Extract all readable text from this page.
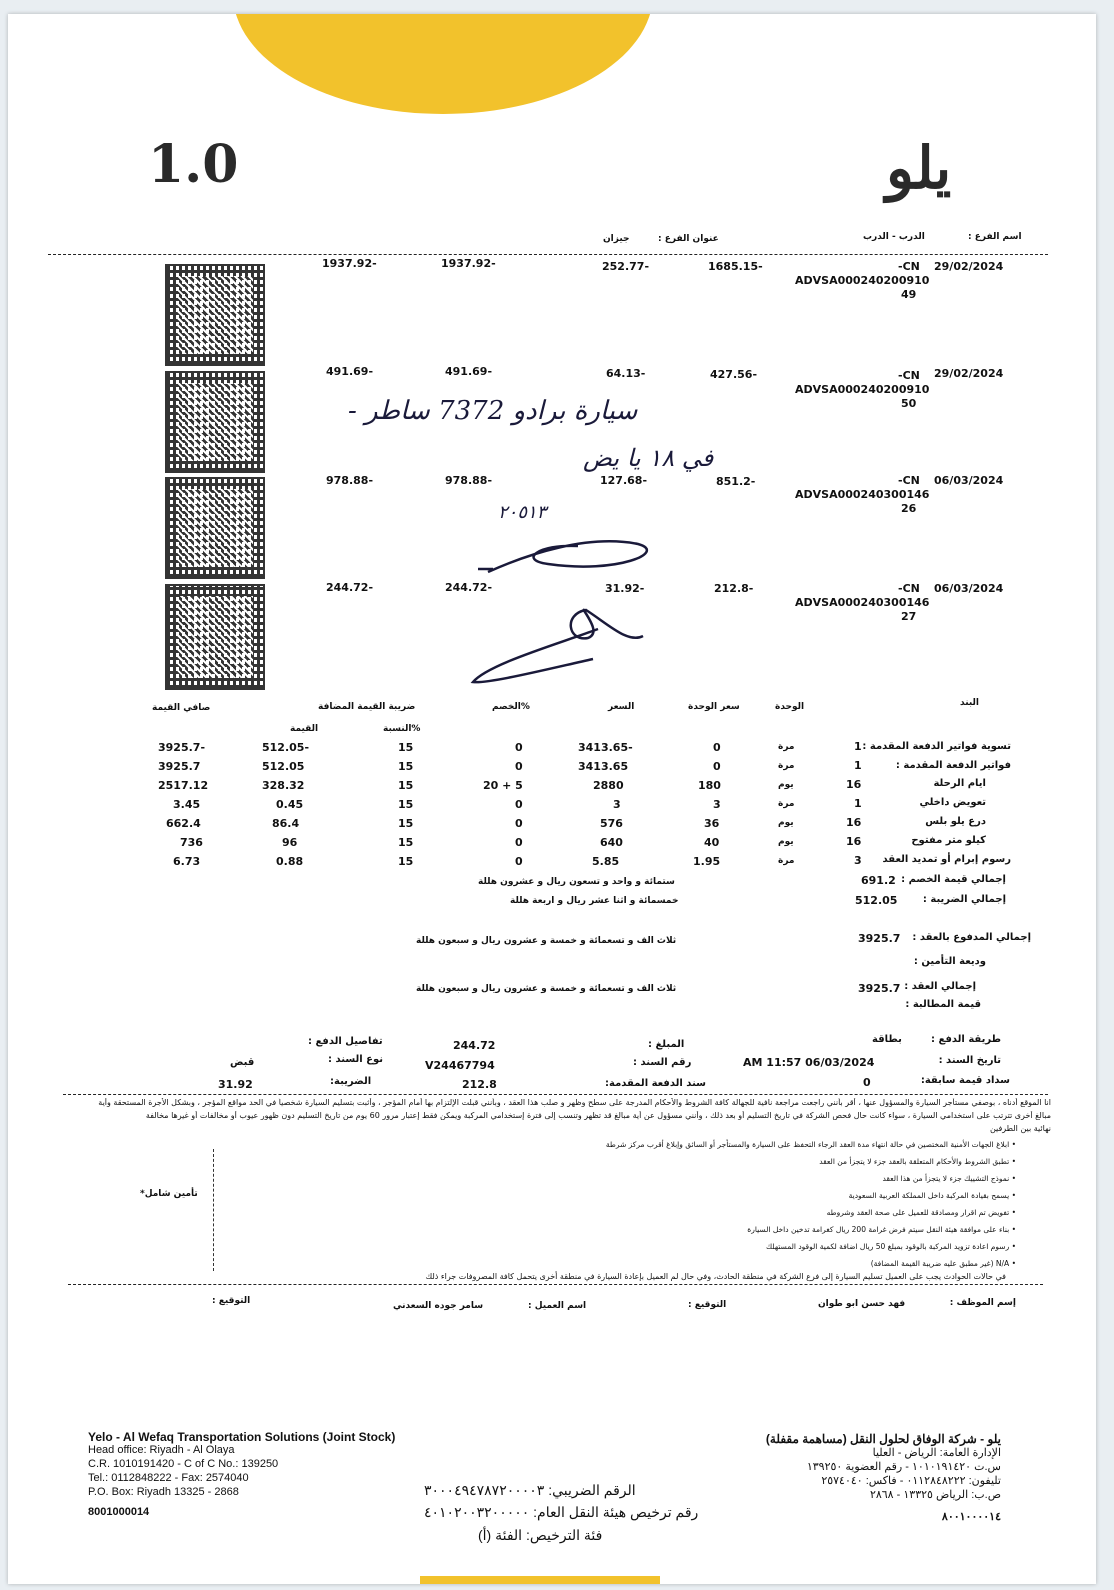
يلو
1.0
اسم الفرع :
الدرب - الدرب
عنوان الفرع :
جيزان
29/02/2024
-CN
ADVSA000240200910
49
1685.15-
252.77-
1937.92-
1937.92-
29/02/2024
-CN
ADVSA000240200910
50
427.56-
64.13-
491.69-
491.69-
06/03/2024
-CN
ADVSA000240300146
26
851.2-
127.68-
978.88-
978.88-
06/03/2024
-CN
ADVSA000240300146
27
212.8-
31.92-
244.72-
244.72-
سيارة برادو 7372 ساطر -
في ١٨ يا يض
٢٠٥١٣
البند
الوحدة
سعر الوحدة
السعر
%الخصم
ضريبة القيمة المضافة
صافي القيمة
%النسبة
القيمة
تسوية فواتير الدفعة المقدمة :
1
مرة
0
3413.65-
0
15
512.05-
3925.7-
فواتير الدفعة المقدمة :
1
مرة
0
3413.65
0
15
512.05
3925.7
ايام الرحلة
16
يوم
180
2880
20 + 5
15
328.32
2517.12
تعويض داخلي
1
مرة
3
3
0
15
0.45
3.45
درع يلو بلس
16
يوم
36
576
0
15
86.4
662.4
كيلو متر مفتوح
16
يوم
40
640
0
15
96
736
رسوم إبرام أو تمديد العقد
3
مرة
1.95
5.85
0
15
0.88
6.73
إجمالي قيمة الخصم :
691.2
ستمائة و واحد و تسعون ريال و عشرون هللة
إجمالي الضريبة :
512.05
خمسمائة و اثنا عشر ريال و اربعة هللة
إجمالي المدفوع بالعقد :
3925.7
ثلاث الف و تسعمائة و خمسة و عشرون ريال و سبعون هللة
وديعة التأمين :
إجمالي العقد :
3925.7
ثلاث الف و تسعمائة و خمسة و عشرون ريال و سبعون هللة
قيمة المطالبة :
طريقة الدفع :
بطاقة
المبلغ :
244.72
تفاصيل الدفع :
تاريخ السند :
AM 11:57 06/03/2024
رقم السند :
V24467794
نوع السند :
قبض
سداد قيمة سابقة:
0
سند الدفعة المقدمة:
212.8
الضريبة:
31.92
انا الموقع أدناه ، بوصفي مستأجر السيارة والمسؤول عنها ، أقر بأنني راجعت مراجعة نافية للجهالة كافة الشروط والأحكام المدرجة على سطح وظهر و صلب هذا العقد ، وبأنني قبلت الإلتزام بها أمام المؤجر ، وأثبت بتسليم السيارة شخصياً في الحد مواقع المؤجر ، وبشكل الأجرة المستحقة وأية
مبالغ أخرى تترتب على استخدامي السيارة ، سواء كانت حال فحص الشركة في تاريخ التسليم أو بعد ذلك ، وأنني مسؤول عن أية مبالغ قد تظهر وتنسب إلى فترة إستخدامي المركبة ويمكن فقط إعتبار مرور 60 يوم من تاريخ التسليم دون ظهور عيوب أو مخالفات أو غيرها مخالفة
نهائية بين الطرفين
• ابلاغ الجهات الأمنية المختصين في حالة انتهاء مدة العقد الرجاء التحفظ على السيارة والمستأجر أو السائق وإبلاغ أقرب مركز شرطة
• تطبق الشروط والأحكام المتعلقة بالعقد جزء لا يتجزأ من العقد
• نموذج التشييك جزء لا يتجزأ من هذا العقد
• يسمح بقيادة المركبة داخل المملكة العربية السعودية
• تفويض تم اقرار ومصادقة للعميل على صحة العقد وشروطه
• بناء على موافقة هيئة النقل سيتم فرض غرامة 200 ريال كغرامة تدخين داخل السيارة
• رسوم اعادة تزويد المركبة بالوقود بمبلغ 50 ريال اضافة لكمية الوقود المستهلك
• N/A (غير مطبق عليه ضريبة القيمة المضافة)
تأمين شامل*
في حالات الحوادث يجب على العميل تسليم السيارة إلى فرع الشركة في منطقة الحادث، وفي حال لم العميل بإعادة السيارة في منطقة أخرى يتحمل كافة المصروفات جراء ذلك
إسم الموظف :
فهد حسن ابو طوان
التوقيع :
اسم العميل :
سامر جوده السعدني
التوقيع :
Yelo - Al Wefaq Transportation Solutions (Joint Stock)
Head office: Riyadh - Al Olaya
C.R. 1010191420 - C of C No.: 139250
Tel.: 0112848222 - Fax: 2574040
P.O. Box: Riyadh 13325 - 2868
8001000014
يلو - شركة الوفاق لحلول النقل (مساهمة مقفلة)
الإدارة العامة: الرياض - العليا
س.ت ١٠١٠١٩١٤٢٠ - رقم العضوية ١٣٩٢٥٠
تليفون: ٠١١٢٨٤٨٢٢٢ - فاكس: ٢٥٧٤٠٤٠
ص.ب: الرياض ١٣٣٢٥ - ٢٨٦٨
٨٠٠١٠٠٠٠١٤
الرقم الضريبي: ٣٠٠٠٤٩٤٧٨٧٢٠٠٠٠٣
رقم ترخيص هيئة النقل العام: ٤٠١٠٢٠٠٣٢٠٠٠٠٠
فئة الترخيص: الفئة (أ)
